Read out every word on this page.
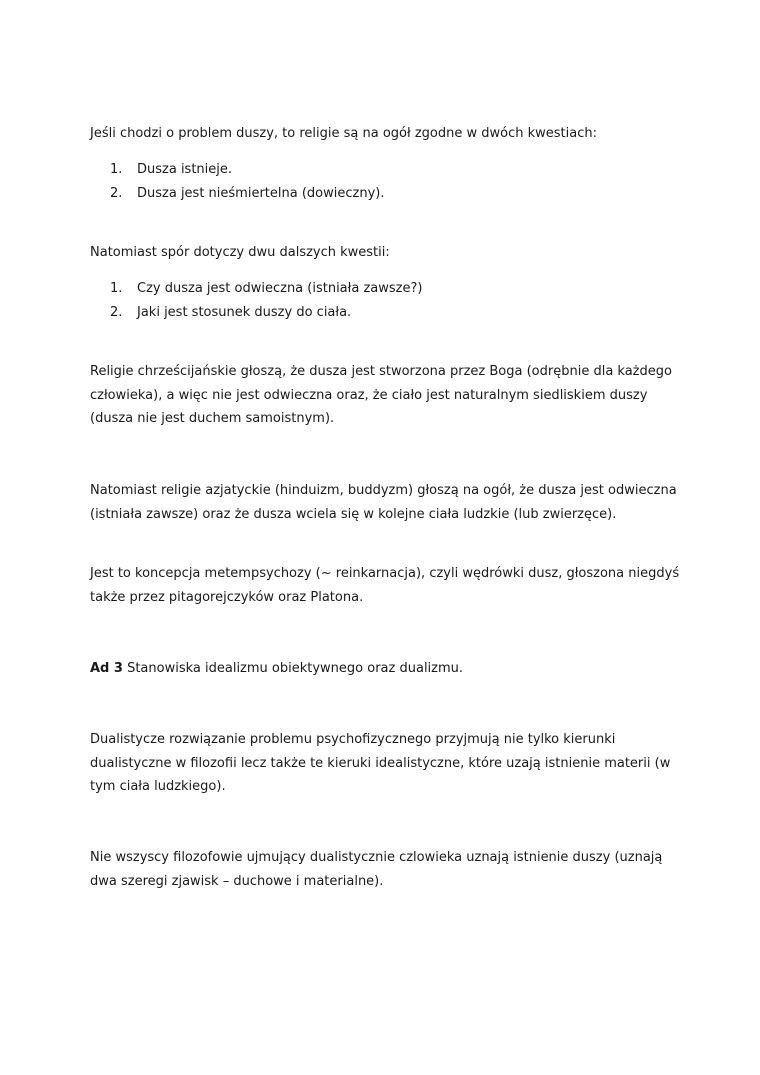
Jeśli chodzi o problem duszy, to religie są na ogół zgodne w dwóch kwestiach:

1. Dusza istnieje.
2. Dusza jest nieśmiertelna (dowieczny).

Natomiast spór dotyczy dwu dalszych kwestii:

1. Czy dusza jest odwieczna (istniała zawsze?)
2. Jaki jest stosunek duszy do ciała.

Religie chrześcijańskie głoszą, że dusza jest stworzona przez Boga (odrębnie dla każdego człowieka), a więc nie jest odwieczna oraz, że ciało jest naturalnym siedliskiem duszy (dusza nie jest duchem samoistnym).

Natomiast religie azjatyckie (hinduizm, buddyzm) głoszą na ogół, że dusza jest odwieczna (istniała zawsze) oraz że dusza wciela się w kolejne ciała ludzkie (lub zwierzęce).

Jest to koncepcja metempsychozy (~ reinkarnacja), czyli wędrówki dusz, głoszona niegdyś także przez pitagorejczyków oraz Platona.

Ad 3 Stanowiska idealizmu obiektywnego oraz dualizmu.

Dualistycze rozwiązanie problemu psychofizycznego przyjmują nie tylko kierunki dualistyczne w filozofii lecz także te kieruki idealistyczne, które uzają istnienie materii (w tym ciała ludzkiego).

Nie wszyscy filozofowie ujmujący dualistycznie czlowieka uznają istnienie duszy (uznają dwa szeregi zjawisk – duchowe i materialne).
